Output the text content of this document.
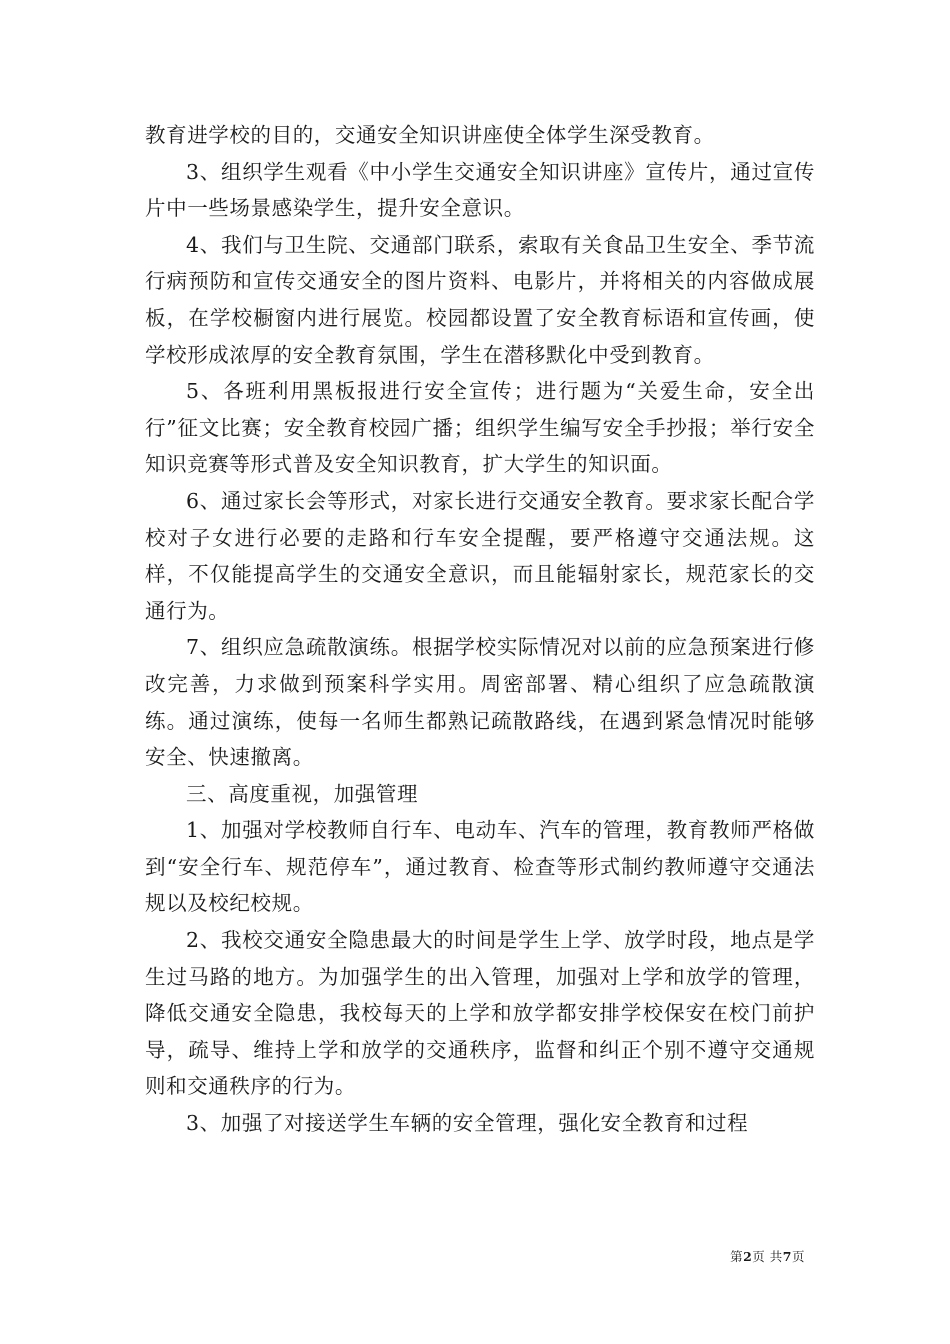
教育进学校的目的，交通安全知识讲座使全体学生深受教育。

3、组织学生观看《中小学生交通安全知识讲座》宣传片，通过宣传片中一些场景感染学生，提升安全意识。

4、我们与卫生院、交通部门联系，索取有关食品卫生安全、季节流行病预防和宣传交通安全的图片资料、电影片，并将相关的内容做成展板，在学校橱窗内进行展览。校园都设置了安全教育标语和宣传画，使学校形成浓厚的安全教育氛围，学生在潜移默化中受到教育。

5、各班利用黑板报进行安全宣传；进行题为“关爱生命，安全出行”征文比赛；安全教育校园广播；组织学生编写安全手抄报；举行安全知识竞赛等形式普及安全知识教育，扩大学生的知识面。

6、通过家长会等形式，对家长进行交通安全教育。要求家长配合学校对子女进行必要的走路和行车安全提醒，要严格遵守交通法规。这样，不仅能提高学生的交通安全意识，而且能辐射家长，规范家长的交通行为。

7、组织应急疏散演练。根据学校实际情况对以前的应急预案进行修改完善，力求做到预案科学实用。周密部署、精心组织了应急疏散演练。通过演练，使每一名师生都熟记疏散路线，在遇到紧急情况时能够安全、快速撤离。

三、高度重视，加强管理

1、加强对学校教师自行车、电动车、汽车的管理，教育教师严格做到“安全行车、规范停车”，通过教育、检查等形式制约教师遵守交通法规以及校纪校规。

2、我校交通安全隐患最大的时间是学生上学、放学时段，地点是学生过马路的地方。为加强学生的出入管理，加强对上学和放学的管理，降低交通安全隐患，我校每天的上学和放学都安排学校保安在校门前护导，疏导、维持上学和放学的交通秩序，监督和纠正个别不遵守交通规则和交通秩序的行为。

3、加强了对接送学生车辆的安全管理，强化安全教育和过程

第2页 共7页
